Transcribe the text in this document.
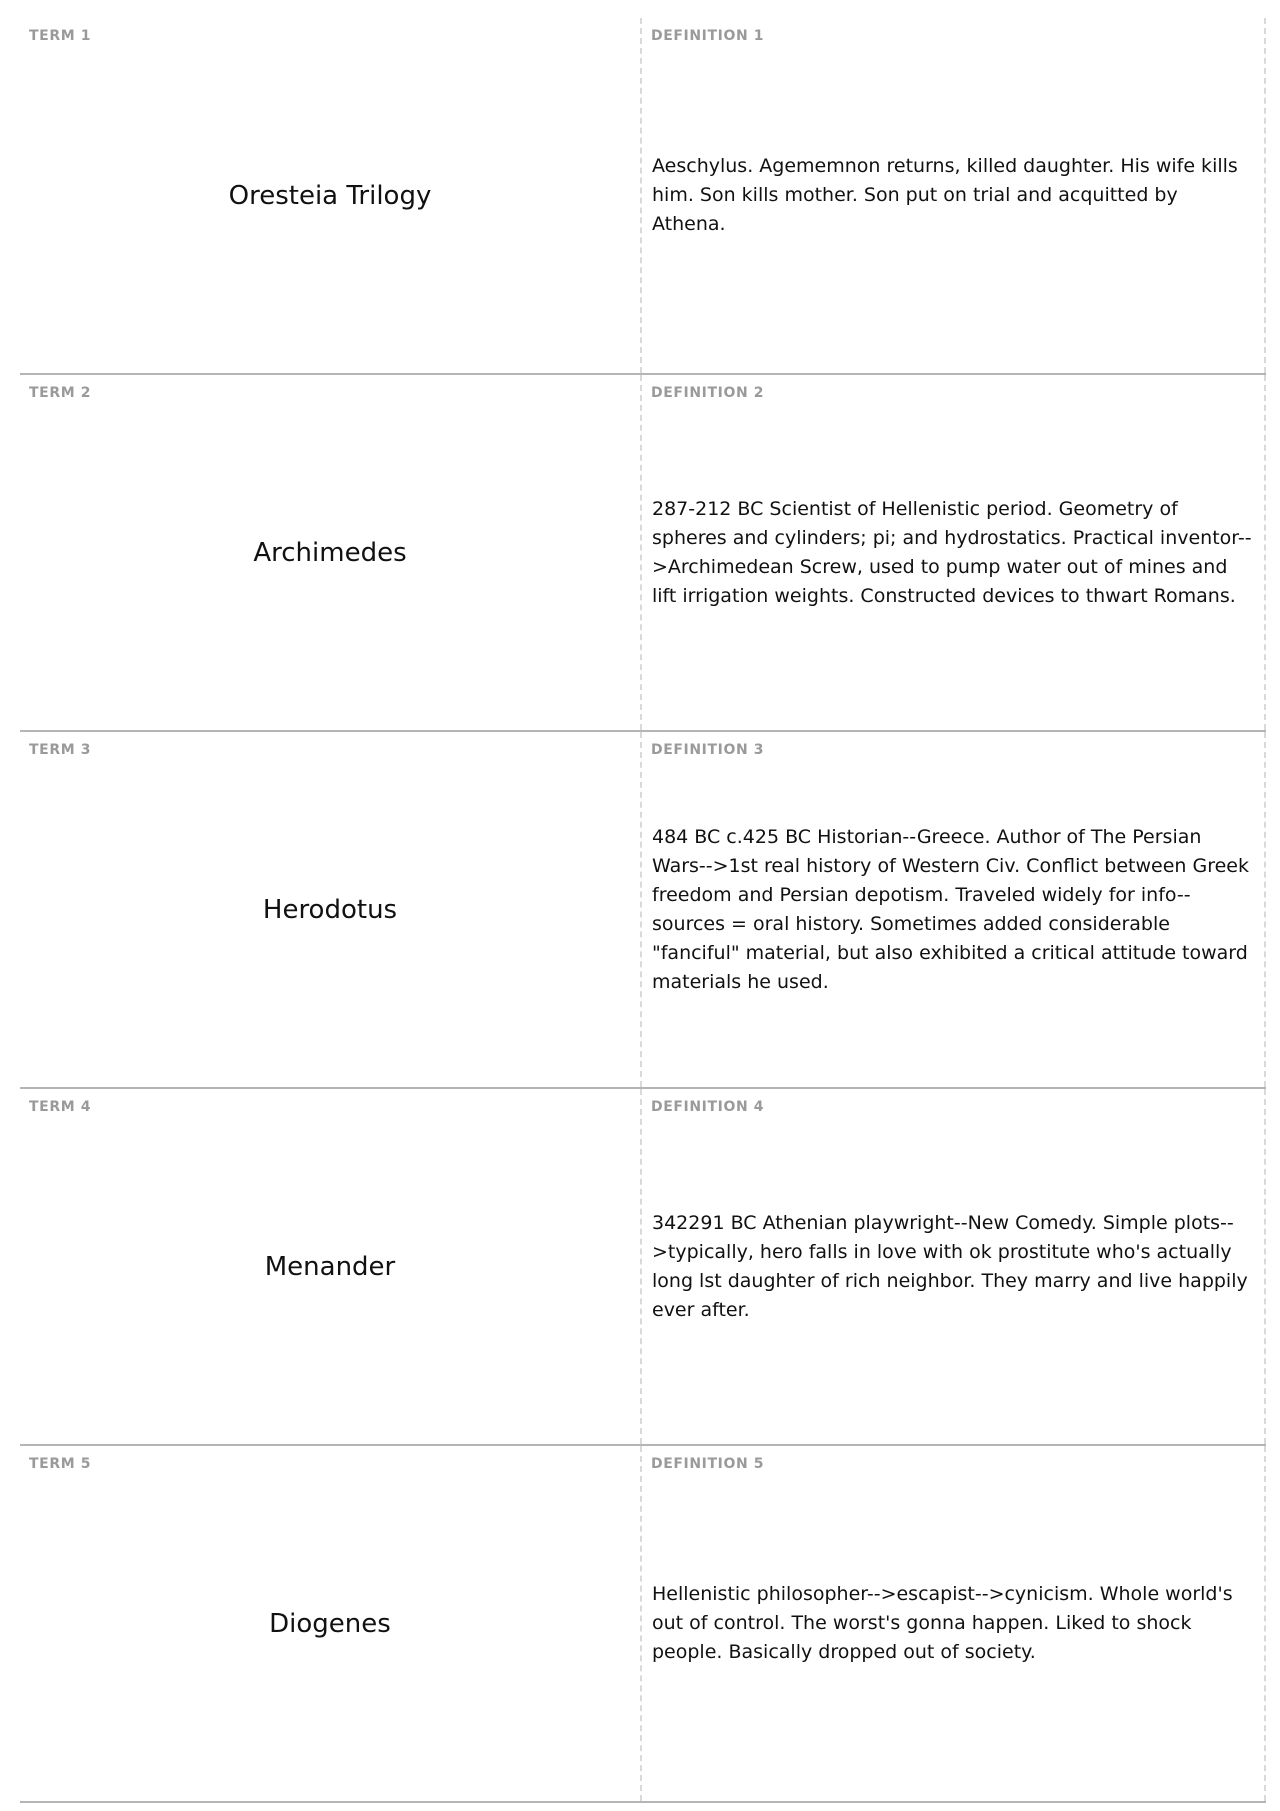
TERM 1
Oresteia Trilogy
DEFINITION 1
Aeschylus. Agememnon returns, killed daughter. His wife kills him. Son kills mother. Son put on trial and acquitted by Athena.
TERM 2
Archimedes
DEFINITION 2
287-212 BC Scientist of Hellenistic period. Geometry of spheres and cylinders; pi; and hydrostatics. Practical inventor-->Archimedean Screw, used to pump water out of mines and lift irrigation weights. Constructed devices to thwart Romans.
TERM 3
Herodotus
DEFINITION 3
484 BC c.425 BC Historian--Greece. Author of The Persian Wars-->1st real history of Western Civ. Conflict between Greek freedom and Persian depotism. Traveled widely for info--sources = oral history. Sometimes added considerable "fanciful" material, but also exhibited a critical attitude toward materials he used.
TERM 4
Menander
DEFINITION 4
342291 BC Athenian playwright--New Comedy. Simple plots-->typically, hero falls in love with ok prostitute who's actually long lst daughter of rich neighbor. They marry and live happily ever after.
TERM 5
Diogenes
DEFINITION 5
Hellenistic philosopher-->escapist-->cynicism. Whole world's out of control. The worst's gonna happen. Liked to shock people. Basically dropped out of society.
